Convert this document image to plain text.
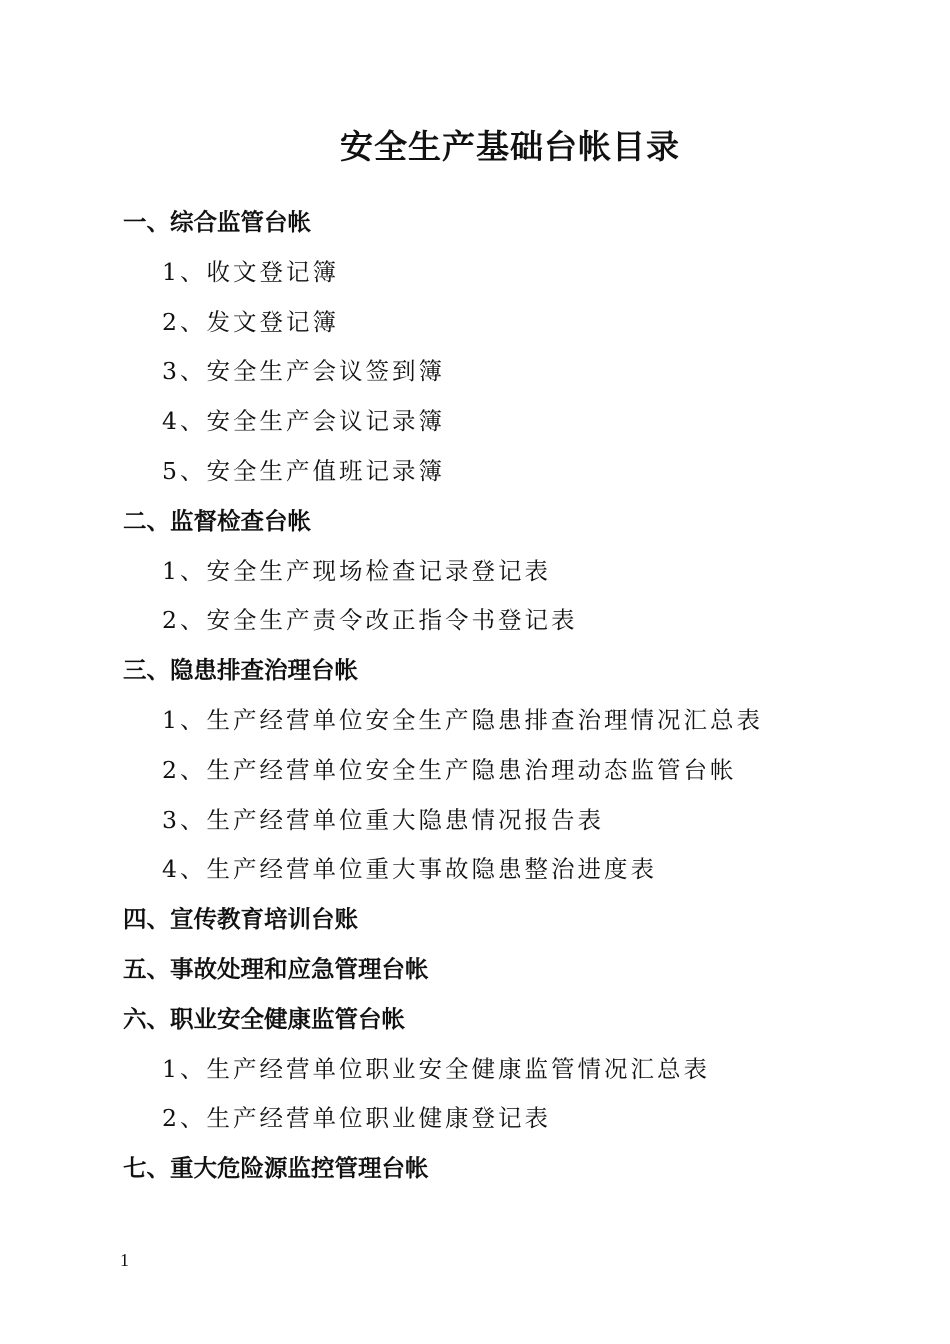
安全生产基础台帐目录
一、综合监管台帐
1、收文登记簿
2、发文登记簿
3、安全生产会议签到簿
4、安全生产会议记录簿
5、安全生产值班记录簿
二、监督检查台帐
1、安全生产现场检查记录登记表
2、安全生产责令改正指令书登记表
三、隐患排查治理台帐
1、生产经营单位安全生产隐患排查治理情况汇总表
2、生产经营单位安全生产隐患治理动态监管台帐
3、生产经营单位重大隐患情况报告表
4、生产经营单位重大事故隐患整治进度表
四、宣传教育培训台账
五、事故处理和应急管理台帐
六、职业安全健康监管台帐
1、生产经营单位职业安全健康监管情况汇总表
2、生产经营单位职业健康登记表
七、重大危险源监控管理台帐
1
